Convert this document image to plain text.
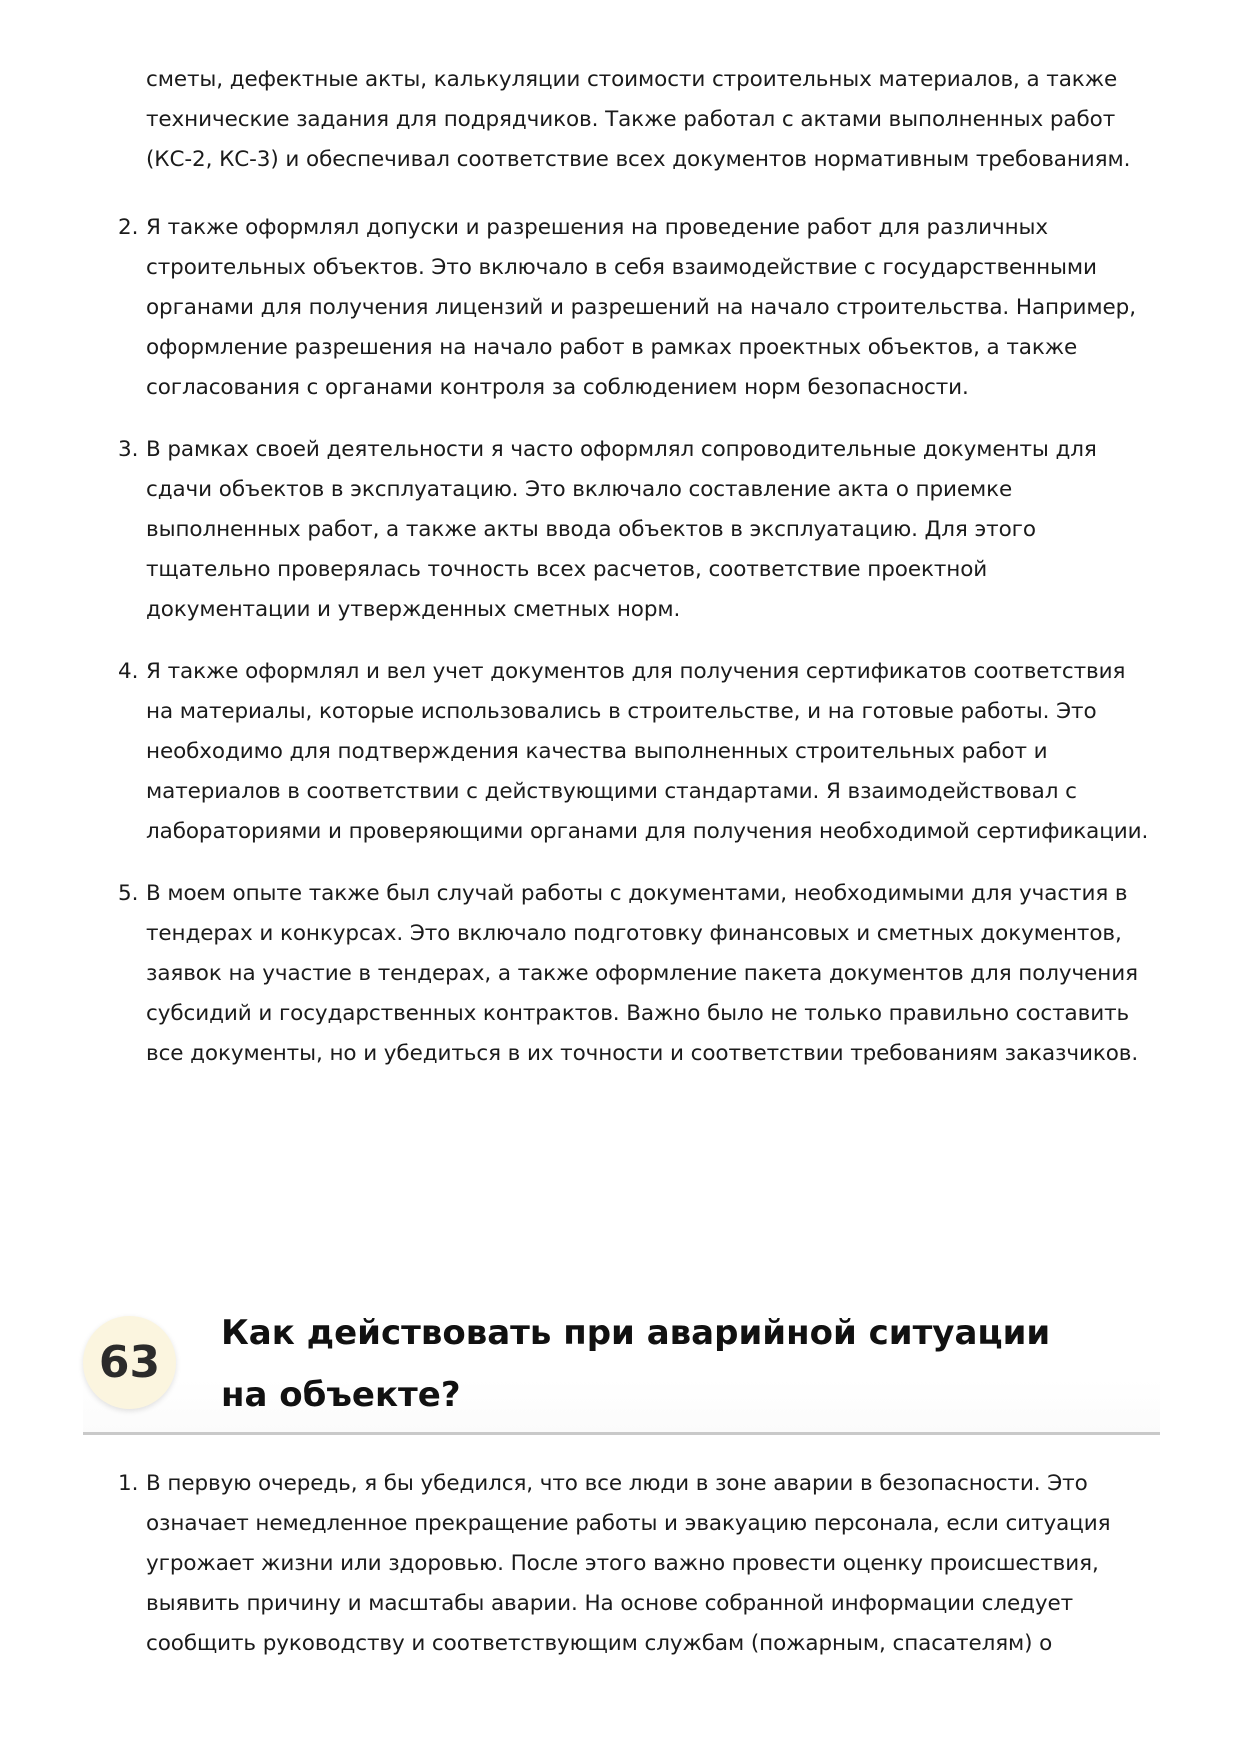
сметы, дефектные акты, калькуляции стоимости строительных материалов, а также технические задания для подрядчиков. Также работал с актами выполненных работ (КС-2, КС-3) и обеспечивал соответствие всех документов нормативным требованиям.
2. Я также оформлял допуски и разрешения на проведение работ для различных строительных объектов. Это включало в себя взаимодействие с государственными органами для получения лицензий и разрешений на начало строительства. Например, оформление разрешения на начало работ в рамках проектных объектов, а также согласования с органами контроля за соблюдением норм безопасности.
3. В рамках своей деятельности я часто оформлял сопроводительные документы для сдачи объектов в эксплуатацию. Это включало составление акта о приемке выполненных работ, а также акты ввода объектов в эксплуатацию. Для этого тщательно проверялась точность всех расчетов, соответствие проектной документации и утвержденных сметных норм.
4. Я также оформлял и вел учет документов для получения сертификатов соответствия на материалы, которые использовались в строительстве, и на готовые работы. Это необходимо для подтверждения качества выполненных строительных работ и материалов в соответствии с действующими стандартами. Я взаимодействовал с лабораториями и проверяющими органами для получения необходимой сертификации.
5. В моем опыте также был случай работы с документами, необходимыми для участия в тендерах и конкурсах. Это включало подготовку финансовых и сметных документов, заявок на участие в тендерах, а также оформление пакета документов для получения субсидий и государственных контрактов. Важно было не только правильно составить все документы, но и убедиться в их точности и соответствии требованиям заказчиков.
63
Как действовать при аварийной ситуации на объекте?
1. В первую очередь, я бы убедился, что все люди в зоне аварии в безопасности. Это означает немедленное прекращение работы и эвакуацию персонала, если ситуация угрожает жизни или здоровью. После этого важно провести оценку происшествия, выявить причину и масштабы аварии. На основе собранной информации следует сообщить руководству и соответствующим службам (пожарным, спасателям) о
